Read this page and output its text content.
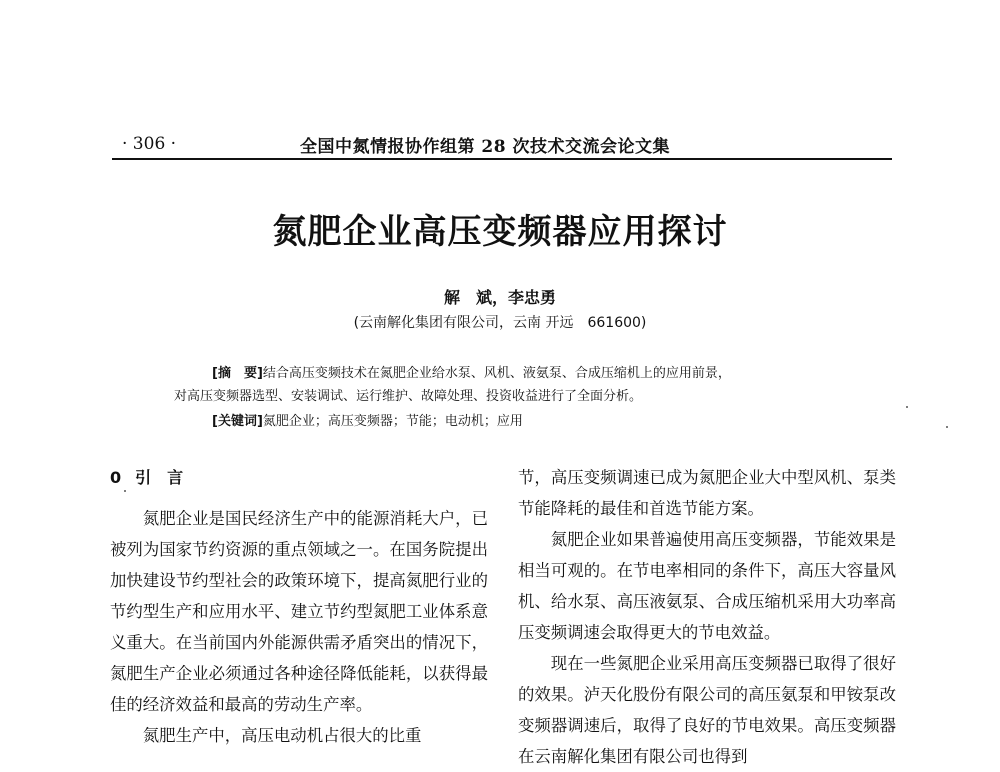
· 306 ·	全国中氮情报协作组第 28 次技术交流会论文集
氮肥企业高压变频器应用探讨
解　斌，李忠勇
(云南解化集团有限公司，云南 开远　661600)
[摘　要]结合高压变频技术在氮肥企业给水泵、风机、液氨泵、合成压缩机上的应用前景，
对高压变频器选型、安装调试、运行维护、故障处理、投资收益进行了全面分析。
[关键词]氮肥企业；高压变频器；节能；电动机；应用
0 引言

氮肥企业是国民经济生产中的能源消耗大户，已被列为国家节约资源的重点领域之一。在国务院提出加快建设节约型社会的政策环境下，提高氮肥行业的节约型生产和应用水平、建立节约型氮肥工业体系意义重大。在当前国内外能源供需矛盾突出的情况下，氮肥生产企业必须通过各种途径降低能耗，以获得最佳的经济效益和最高的劳动生产率。

氮肥生产中，高压电动机占很大的比重

节，高压变频调速已成为氮肥企业大中型风机、泵类节能降耗的最佳和首选节能方案。

氮肥企业如果普遍使用高压变频器，节能效果是相当可观的。在节电率相同的条件下，高压大容量风机、给水泵、高压液氨泵、合成压缩机采用大功率高压变频调速会取得更大的节电效益。

现在一些氮肥企业采用高压变频器已取得了很好的效果。泸天化股份有限公司的高压氨泵和甲铵泵改变频器调速后，取得了良好的节电效果。高压变频器在云南解化集团有限公司也得到
